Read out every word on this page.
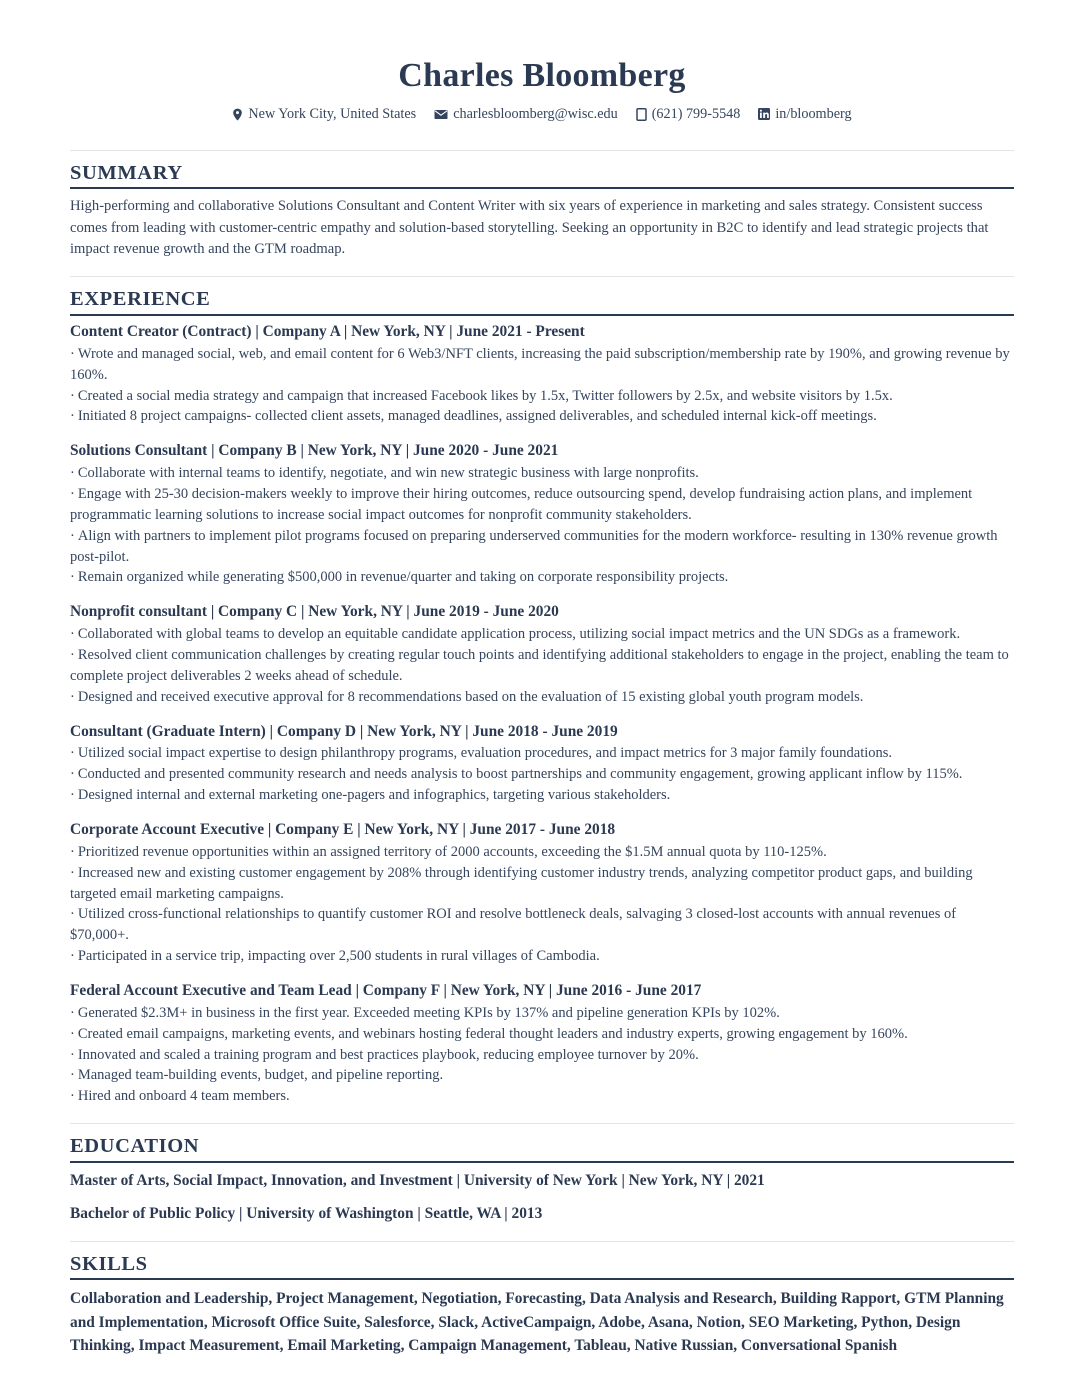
Charles Bloomberg
New York City, United States	charlesbloomberg@wisc.edu (621) 799-5548 in/bloomberg
SUMMARY
High-performing and collaborative Solutions Consultant and Content Writer with six years of experience in marketing and sales strategy. Consistent success comes from leading with customer-centric empathy and solution-based storytelling. Seeking an opportunity in B2C to identify and lead strategic projects that impact revenue growth and the GTM roadmap.
EXPERIENCE
Content Creator (Contract) | Company A | New York, NY | June 2021 - Present
· Wrote and managed social, web, and email content for 6 Web3/NFT clients, increasing the paid subscription/membership rate by 190%, and growing revenue by 160%.
· Created a social media strategy and campaign that increased Facebook likes by 1.5x, Twitter followers by 2.5x, and website visitors by 1.5x.
· Initiated 8 project campaigns- collected client assets, managed deadlines, assigned deliverables, and scheduled internal kick-off meetings.
Solutions Consultant | Company B | New York, NY | June 2020 - June 2021
· Collaborate with internal teams to identify, negotiate, and win new strategic business with large nonprofits.
· Engage with 25-30 decision-makers weekly to improve their hiring outcomes, reduce outsourcing spend, develop fundraising action plans, and implement programmatic learning solutions to increase social impact outcomes for nonprofit community stakeholders.
· Align with partners to implement pilot programs focused on preparing underserved communities for the modern workforce- resulting in 130% revenue growth post-pilot.
· Remain organized while generating $500,000 in revenue/quarter and taking on corporate responsibility projects.
Nonprofit consultant | Company C | New York, NY | June 2019 - June 2020
· Collaborated with global teams to develop an equitable candidate application process, utilizing social impact metrics and the UN SDGs as a framework.
· Resolved client communication challenges by creating regular touch points and identifying additional stakeholders to engage in the project, enabling the team to complete project deliverables 2 weeks ahead of schedule.
· Designed and received executive approval for 8 recommendations based on the evaluation of 15 existing global youth program models.
Consultant (Graduate Intern) | Company D | New York, NY | June 2018 - June 2019
· Utilized social impact expertise to design philanthropy programs, evaluation procedures, and impact metrics for 3 major family foundations.
· Conducted and presented community research and needs analysis to boost partnerships and community engagement, growing applicant inflow by 115%.
· Designed internal and external marketing one-pagers and infographics, targeting various stakeholders.
Corporate Account Executive | Company E | New York, NY | June 2017 - June 2018
· Prioritized revenue opportunities within an assigned territory of 2000 accounts, exceeding the $1.5M annual quota by 110-125%.
· Increased new and existing customer engagement by 208% through identifying customer industry trends, analyzing competitor product gaps, and building targeted email marketing campaigns.
· Utilized cross-functional relationships to quantify customer ROI and resolve bottleneck deals, salvaging 3 closed-lost accounts with annual revenues of $70,000+.
· Participated in a service trip, impacting over 2,500 students in rural villages of Cambodia.
Federal Account Executive and Team Lead | Company F | New York, NY | June 2016 - June 2017
· Generated $2.3M+ in business in the first year. Exceeded meeting KPIs by 137% and pipeline generation KPIs by 102%.
· Created email campaigns, marketing events, and webinars hosting federal thought leaders and industry experts, growing engagement by 160%.
· Innovated and scaled a training program and best practices playbook, reducing employee turnover by 20%.
· Managed team-building events, budget, and pipeline reporting.
· Hired and onboard 4 team members.
EDUCATION
Master of Arts, Social Impact, Innovation, and Investment | University of New York | New York, NY | 2021
Bachelor of Public Policy | University of Washington | Seattle, WA | 2013
SKILLS
Collaboration and Leadership, Project Management, Negotiation, Forecasting, Data Analysis and Research, Building Rapport, GTM Planning and Implementation, Microsoft Office Suite, Salesforce, Slack, ActiveCampaign, Adobe, Asana, Notion, SEO Marketing, Python, Design Thinking, Impact Measurement, Email Marketing, Campaign Management, Tableau, Native Russian, Conversational Spanish
